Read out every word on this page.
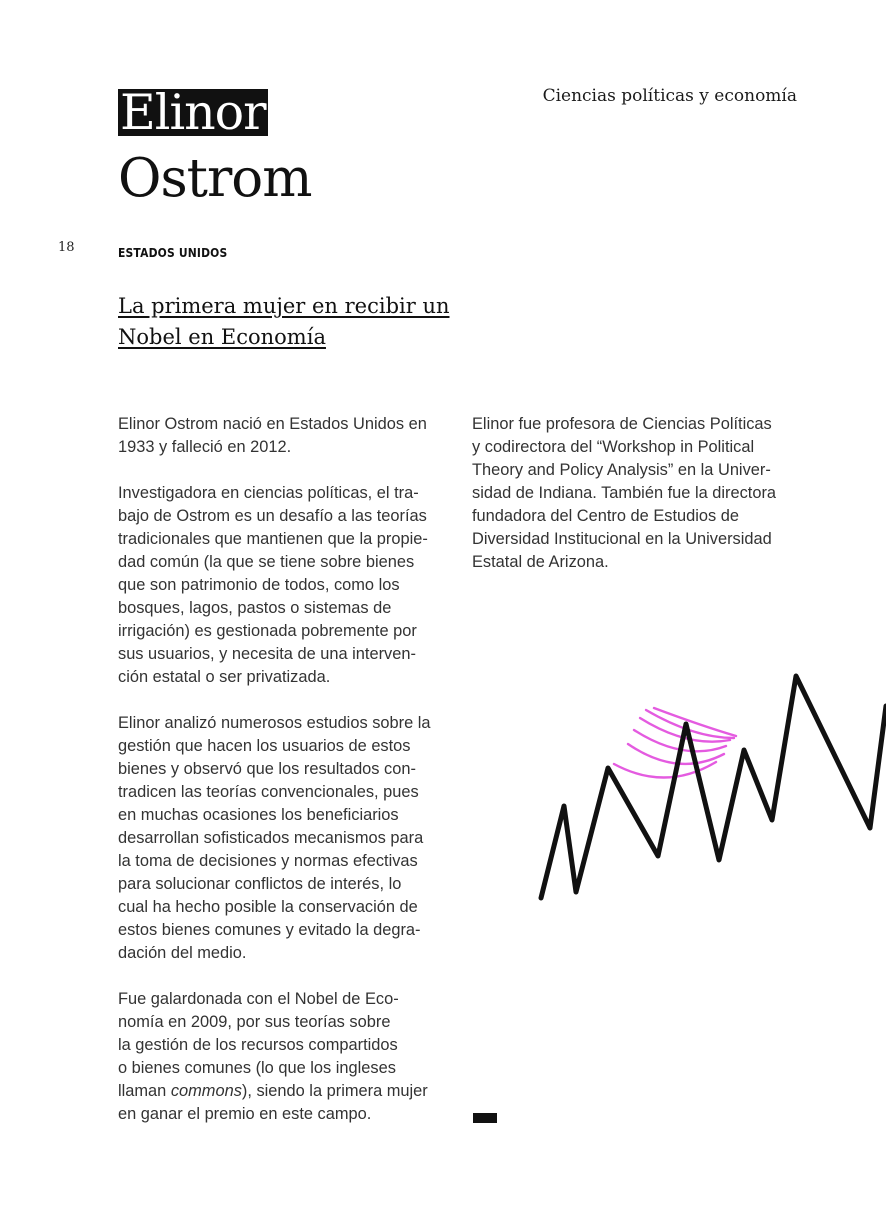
Ciencias políticas y economía
Elinor
Ostrom
18	ESTADOS UNIDOS
La primera mujer en recibir un
Nobel en Economía
Elinor Ostrom nació en Estados Unidos en
1933 y falleció en 2012.
Investigadora en ciencias políticas, el tra-
bajo de Ostrom es un desafío a las teorías
tradicionales que mantienen que la propie-
dad común (la que se tiene sobre bienes
que son patrimonio de todos, como los
bosques, lagos, pastos o sistemas de
irrigación) es gestionada pobremente por
sus usuarios, y necesita de una interven-
ción estatal o ser privatizada.
Elinor analizó numerosos estudios sobre la
gestión que hacen los usuarios de estos
bienes y observó que los resultados con-
tradicen las teorías convencionales, pues
en muchas ocasiones los beneficiarios
desarrollan sofisticados mecanismos para
la toma de decisiones y normas efectivas
para solucionar conflictos de interés, lo
cual ha hecho posible la conservación de
estos bienes comunes y evitado la degra-
dación del medio.
Fue galardonada con el Nobel de Eco-
nomía en 2009, por sus teorías sobre
la gestión de los recursos compartidos
o bienes comunes (lo que los ingleses
llaman commons), siendo la primera mujer
en ganar el premio en este campo.
Elinor fue profesora de Ciencias Políticas
y codirectora del “Workshop in Political
Theory and Policy Analysis” en la Univer-
sidad de Indiana. También fue la directora
fundadora del Centro de Estudios de
Diversidad Institucional en la Universidad
Estatal de Arizona.
